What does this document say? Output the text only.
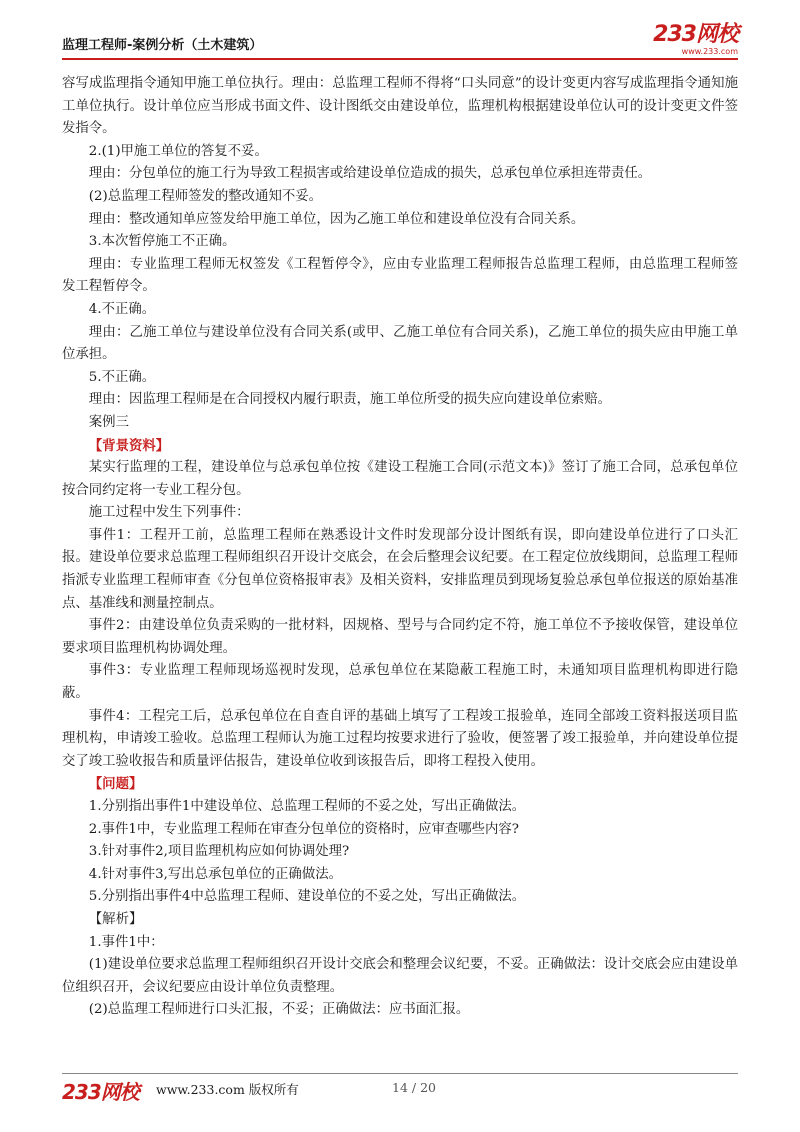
监理工程师-案例分析（土木建筑）	233网校
www.233.com

容写成监理指令通知甲施工单位执行。理由：总监理工程师不得将“口头同意”的设计变更内容写成监理指令通知施工单位执行。设计单位应当形成书面文件、设计图纸交由建设单位，监理机构根据建设单位认可的设计变更文件签发指令。

2.(1)甲施工单位的答复不妥。

理由：分包单位的施工行为导致工程损害或给建设单位造成的损失，总承包单位承担连带责任。

(2)总监理工程师签发的整改通知不妥。

理由：整改通知单应签发给甲施工单位，因为乙施工单位和建设单位没有合同关系。

3.本次暂停施工不正确。

理由：专业监理工程师无权签发《工程暂停令》，应由专业监理工程师报告总监理工程师，由总监理工程师签发工程暂停令。

4.不正确。

理由：乙施工单位与建设单位没有合同关系(或甲、乙施工单位有合同关系)，乙施工单位的损失应由甲施工单位承担。

5.不正确。

理由：因监理工程师是在合同授权内履行职责，施工单位所受的损失应向建设单位索赔。

案例三

【背景资料】

某实行监理的工程，建设单位与总承包单位按《建设工程施工合同(示范文本)》签订了施工合同，总承包单位按合同约定将一专业工程分包。

施工过程中发生下列事件：

事件1：工程开工前，总监理工程师在熟悉设计文件时发现部分设计图纸有误，即向建设单位进行了口头汇报。建设单位要求总监理工程师组织召开设计交底会，在会后整理会议纪要。在工程定位放线期间，总监理工程师指派专业监理工程师审查《分包单位资格报审表》及相关资料，安排监理员到现场复验总承包单位报送的原始基准点、基准线和测量控制点。

事件2：由建设单位负责采购的一批材料，因规格、型号与合同约定不符，施工单位不予接收保管，建设单位要求项目监理机构协调处理。

事件3：专业监理工程师现场巡视时发现，总承包单位在某隐蔽工程施工时，未通知项目监理机构即进行隐蔽。

事件4：工程完工后，总承包单位在自查自评的基础上填写了工程竣工报验单，连同全部竣工资料报送项目监理机构，申请竣工验收。总监理工程师认为施工过程均按要求进行了验收，便签署了竣工报验单，并向建设单位提交了竣工验收报告和质量评估报告，建设单位收到该报告后，即将工程投入使用。

【问题】

1.分别指出事件1中建设单位、总监理工程师的不妥之处，写出正确做法。

2.事件1中，专业监理工程师在审查分包单位的资格时，应审查哪些内容?

3.针对事件2,项目监理机构应如何协调处理?

4.针对事件3,写出总承包单位的正确做法。

5.分别指出事件4中总监理工程师、建设单位的不妥之处，写出正确做法。

【解析】

1.事件1中：

(1)建设单位要求总监理工程师组织召开设计交底会和整理会议纪要，不妥。正确做法：设计交底会应由建设单位组织召开，会议纪要应由设计单位负责整理。

(2)总监理工程师进行口头汇报，不妥；正确做法：应书面汇报。

233网校 www.233.com 版权所有	14 / 20
